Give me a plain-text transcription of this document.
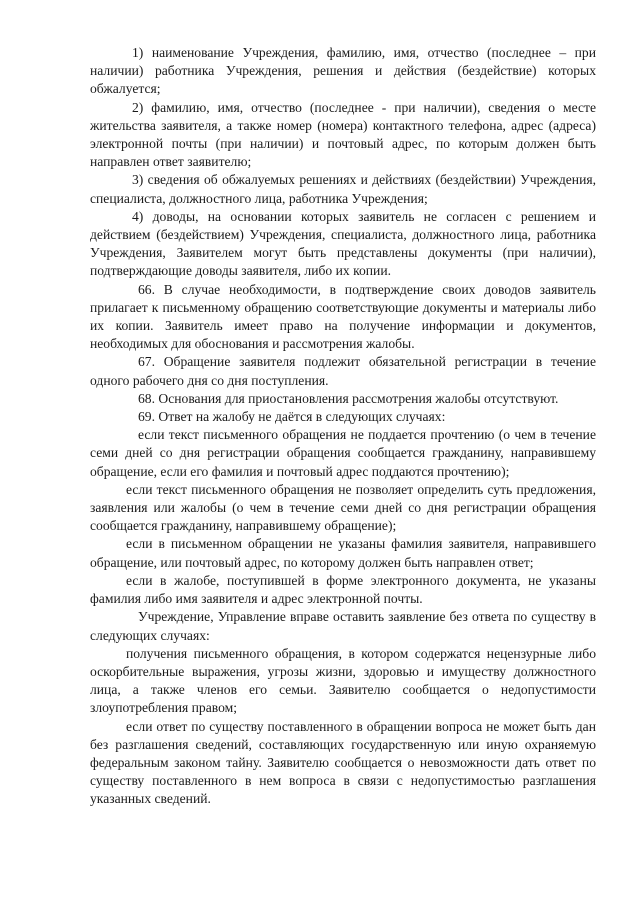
1) наименование Учреждения, фамилию, имя, отчество (последнее – при наличии) работника Учреждения, решения и действия (бездействие) которых обжалуется;

2) фамилию, имя, отчество (последнее - при наличии), сведения о месте жительства заявителя, а также номер (номера) контактного телефона, адрес (адреса) электронной почты (при наличии) и почтовый адрес, по которым должен быть направлен ответ заявителю;

3) сведения об обжалуемых решениях и действиях (бездействии) Учреждения, специалиста, должностного лица, работника Учреждения;

4) доводы, на основании которых заявитель не согласен с решением и действием (бездействием) Учреждения, специалиста, должностного лица, работника Учреждения, Заявителем могут быть представлены документы (при наличии), подтверждающие доводы заявителя, либо их копии.

66. В случае необходимости, в подтверждение своих доводов заявитель прилагает к письменному обращению соответствующие документы и материалы либо их копии. Заявитель имеет право на получение информации и документов, необходимых для обоснования и рассмотрения жалобы.

67. Обращение заявителя подлежит обязательной регистрации в течение одного рабочего дня со дня поступления.

68. Основания для приостановления рассмотрения жалобы отсутствуют.

69. Ответ на жалобу не даётся в следующих случаях:

если текст письменного обращения не поддается прочтению (о чем в течение семи дней со дня регистрации обращения сообщается гражданину, направившему обращение, если его фамилия и почтовый адрес поддаются прочтению);

если текст письменного обращения не позволяет определить суть предложения, заявления или жалобы (о чем в течение семи дней со дня регистрации обращения сообщается гражданину, направившему обращение);

если в письменном обращении не указаны фамилия заявителя, направившего обращение, или почтовый адрес, по которому должен быть направлен ответ;

если в жалобе, поступившей в форме электронного документа, не указаны фамилия либо имя заявителя и адрес электронной почты.

Учреждение, Управление вправе оставить заявление без ответа по существу в следующих случаях:

получения письменного обращения, в котором содержатся нецензурные либо оскорбительные выражения, угрозы жизни, здоровью и имуществу должностного лица, а также членов его семьи. Заявителю сообщается о недопустимости злоупотребления правом;

если ответ по существу поставленного в обращении вопроса не может быть дан без разглашения сведений, составляющих государственную или иную охраняемую федеральным законом тайну. Заявителю сообщается о невозможности дать ответ по существу поставленного в нем вопроса в связи с недопустимостью разглашения указанных сведений.
